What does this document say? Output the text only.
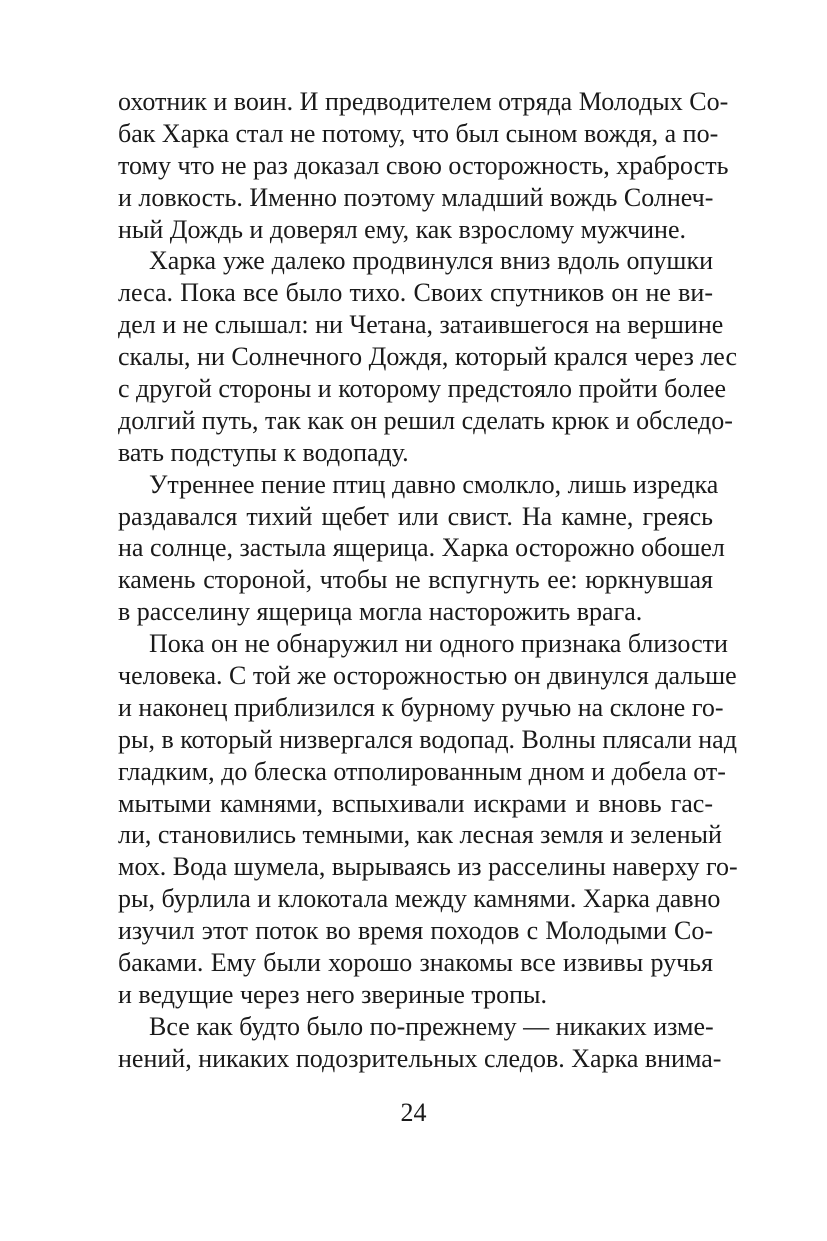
охотник и воин. И предводителем отряда Молодых Со-
бак Харка стал не потому, что был сыном вождя, а по-
тому что не раз доказал свою осторожность, храбрость
и ловкость. Именно поэтому младший вождь Солнеч-
ный Дождь и доверял ему, как взрослому мужчине.
Харка уже далеко продвинулся вниз вдоль опушки
леса. Пока все было тихо. Своих спутников он не ви-
дел и не слышал: ни Четана, затаившегося на вершине
скалы, ни Солнечного Дождя, который крался через лес
с другой стороны и которому предстояло пройти более
долгий путь, так как он решил сделать крюк и обследо-
вать подступы к водопаду.
Утреннее пение птиц давно смолкло, лишь изредка
раздавался тихий щебет или свист. На камне, греясь
на солнце, застыла ящерица. Харка осторожно обошел
камень стороной, чтобы не вспугнуть ее: юркнувшая
в расселину ящерица могла насторожить врага.
Пока он не обнаружил ни одного признака близости
человека. С той же осторожностью он двинулся дальше
и наконец приблизился к бурному ручью на склоне го-
ры, в который низвергался водопад. Волны плясали над
гладким, до блеска отполированным дном и добела от-
мытыми камнями, вспыхивали искрами и вновь гас-
ли, становились темными, как лесная земля и зеленый
мох. Вода шумела, вырываясь из расселины наверху го-
ры, бурлила и клокотала между камнями. Харка давно
изучил этот поток во время походов с Молодыми Со-
баками. Ему были хорошо знакомы все извивы ручья
и ведущие через него звериные тропы.
Все как будто было по-прежнему — никаких изме-
нений, никаких подозрительных следов. Харка внима-
24
